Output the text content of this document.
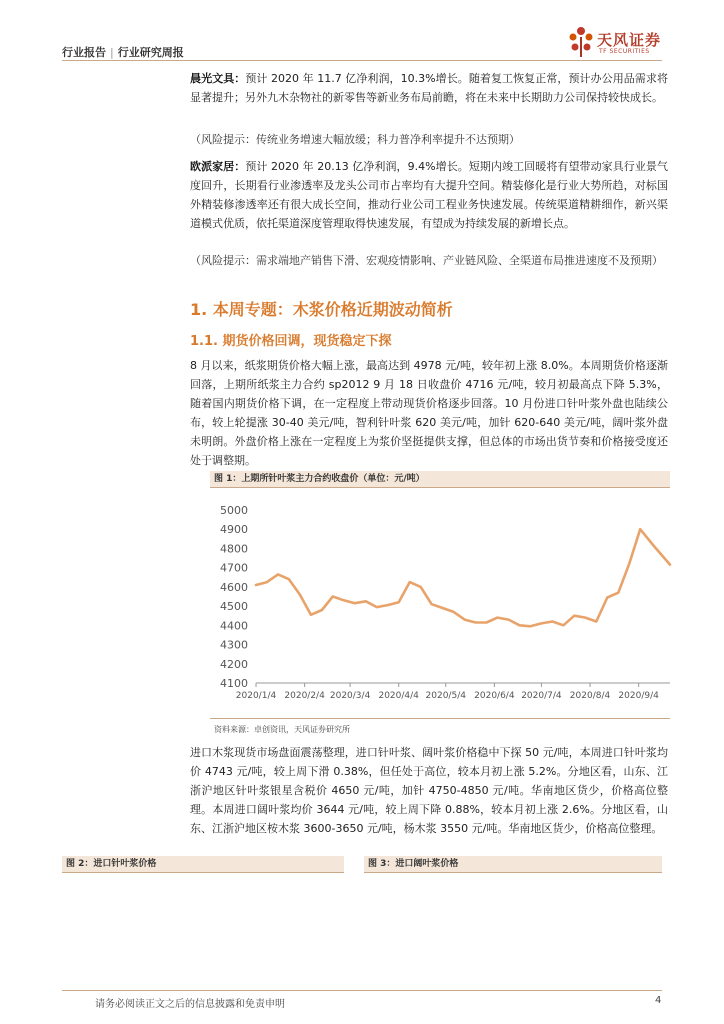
行业报告 | 行业研究周报
天风证券
TF SECURITIES
晨光文具：预计 2020 年 11.7 亿净利润，10.3%增长。随着复工恢复正常，预计办公用品需求将显著提升；另外九木杂物社的新零售等新业务布局前瞻，将在未来中长期助力公司保持较快成长。
（风险提示：传统业务增速大幅放缓；科力普净利率提升不达预期）
欧派家居：预计 2020 年 20.13 亿净利润，9.4%增长。短期内竣工回暖将有望带动家具行业景气度回升，长期看行业渗透率及龙头公司市占率均有大提升空间。精装修化是行业大势所趋，对标国外精装修渗透率还有很大成长空间，推动行业公司工程业务快速发展。传统渠道精耕细作，新兴渠道模式优质，依托渠道深度管理取得快速发展，有望成为持续发展的新增长点。
（风险提示：需求端地产销售下滑、宏观疫情影响、产业链风险、全渠道布局推进速度不及预期）
1. 本周专题：木浆价格近期波动简析
1.1. 期货价格回调，现货稳定下探
8 月以来，纸浆期货价格大幅上涨，最高达到 4978 元/吨，较年初上涨 8.0%。本周期货价格逐渐回落，上期所纸浆主力合约 sp2012 9 月 18 日收盘价 4716 元/吨，较月初最高点下降 5.3%，随着国内期货价格下调，在一定程度上带动现货价格逐步回落。10 月份进口针叶浆外盘也陆续公布，较上轮提涨 30-40 美元/吨，智利针叶浆 620 美元/吨，加针 620-640 美元/吨，阔叶浆外盘未明朗。外盘价格上涨在一定程度上为浆价坚挺提供支撑，但总体的市场出货节奏和价格接受度还处于调整期。
图 1：上期所针叶浆主力合约收盘价（单位：元/吨）
4100
4200
4300
4400
4500
4600
4700
4800
4900
5000
2020/1/4 2020/2/4 2020/3/4 2020/4/4 2020/5/4 2020/6/4 2020/7/4 2020/8/4 2020/9/4
资料来源：卓创资讯，天风证券研究所
进口木浆现货市场盘面震荡整理，进口针叶浆、阔叶浆价格稳中下探 50 元/吨，本周进口针叶浆均价 4743 元/吨，较上周下滑 0.38%，但任处于高位，较本月初上涨 5.2%。分地区看，山东、江浙沪地区针叶浆银星含税价 4650 元/吨，加针 4750-4850 元/吨。华南地区货少，价格高位整理。本周进口阔叶浆均价 3644 元/吨，较上周下降 0.88%，较本月初上涨 2.6%。分地区看，山东、江浙沪地区桉木浆 3600-3650 元/吨，杨木浆 3550 元/吨。华南地区货少，价格高位整理。
图 2：进口针叶浆价格	图 3：进口阔叶浆价格
请务必阅读正文之后的信息披露和免责申明	4
